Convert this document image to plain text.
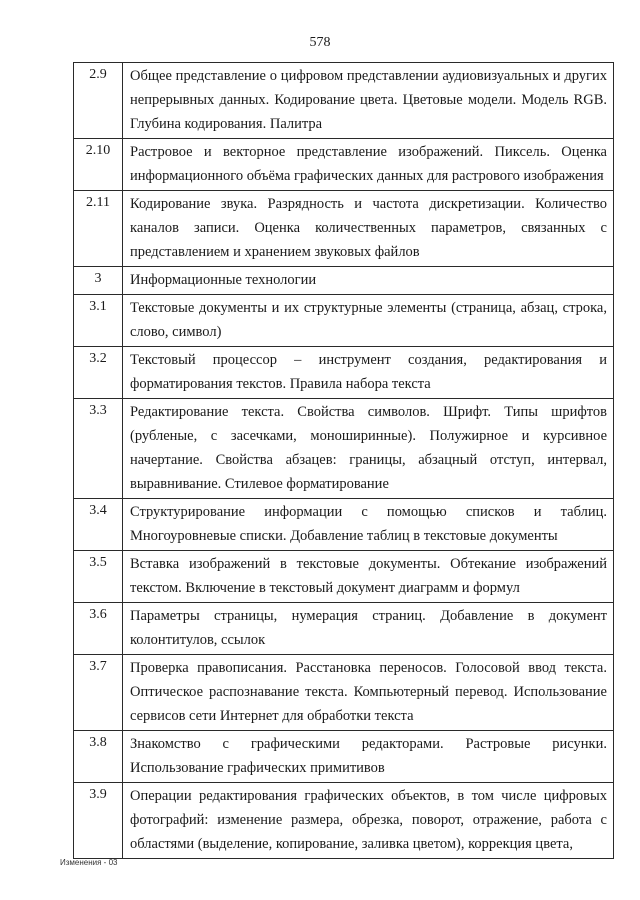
578
2.9	Общее представление о цифровом представлении аудиовизуальных и других непрерывных данных. Кодирование цвета. Цветовые модели. Модель RGB. Глубина кодирования. Палитра
2.10	Растровое и векторное представление изображений. Пиксель. Оценка информационного объёма графических данных для растрового изображения
2.11	Кодирование звука. Разрядность и частота дискретизации. Количество каналов записи. Оценка количественных параметров, связанных с представлением и хранением звуковых файлов
3	Информационные технологии
3.1	Текстовые документы и их структурные элементы (страница, абзац, строка, слово, символ)
3.2	Текстовый процессор – инструмент создания, редактирования и форматирования текстов. Правила набора текста
3.3	Редактирование текста. Свойства символов. Шрифт. Типы шрифтов (рубленые, с засечками, моноширинные). Полужирное и курсивное начертание. Свойства абзацев: границы, абзацный отступ, интервал, выравнивание. Стилевое форматирование
3.4	Структурирование информации с помощью списков и таблиц. Многоуровневые списки. Добавление таблиц в текстовые документы
3.5	Вставка изображений в текстовые документы. Обтекание изображений текстом. Включение в текстовый документ диаграмм и формул
3.6	Параметры страницы, нумерация страниц. Добавление в документ колонтитулов, ссылок
3.7	Проверка правописания. Расстановка переносов. Голосовой ввод текста. Оптическое распознавание текста. Компьютерный перевод. Использование сервисов сети Интернет для обработки текста
3.8	Знакомство с графическими редакторами. Растровые рисунки. Использование графических примитивов
3.9	Операции редактирования графических объектов, в том числе цифровых фотографий: изменение размера, обрезка, поворот, отражение, работа с областями (выделение, копирование, заливка цветом), коррекция цвета,
Изменения - 03
